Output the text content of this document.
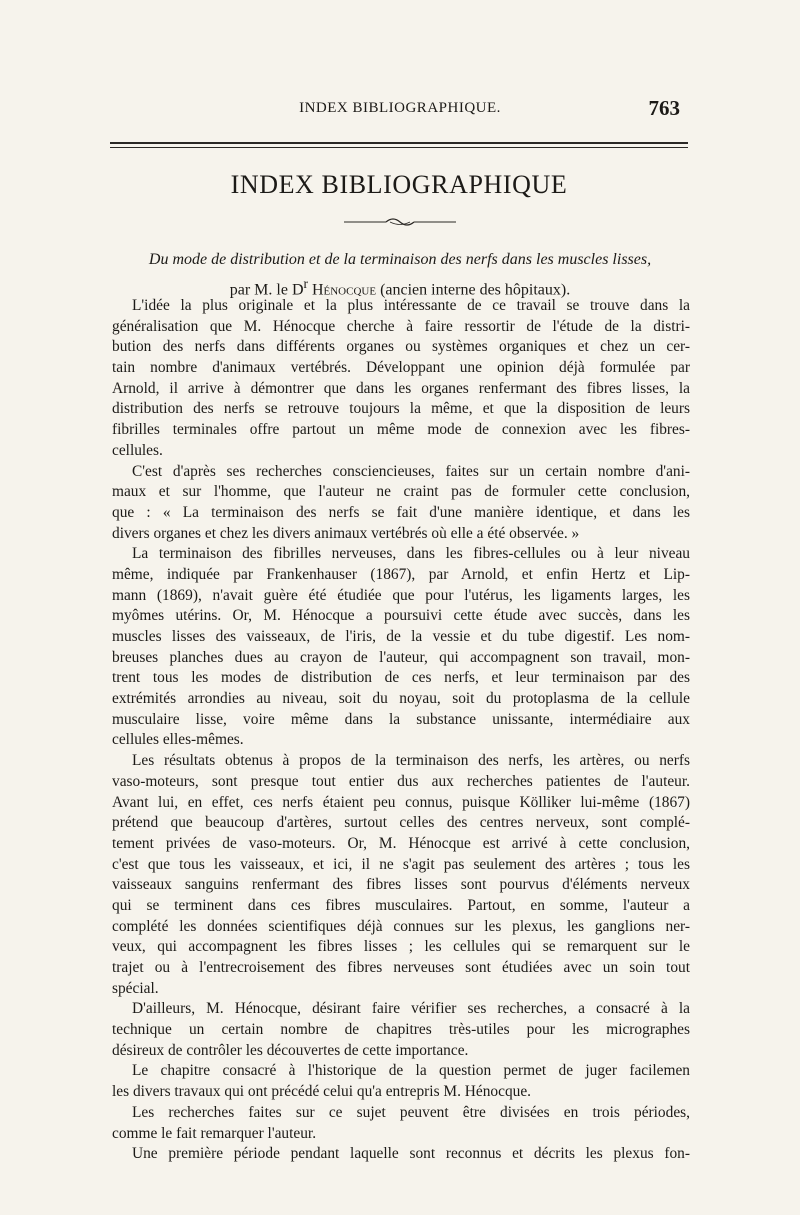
INDEX BIBLIOGRAPHIQUE.	763
INDEX BIBLIOGRAPHIQUE
Du mode de distribution et de la terminaison des nerfs dans les muscles lisses,
par M. le $D^r$ Hénocque (ancien interne des hôpitaux).
L'idée la plus originale et la plus intéressante de ce travail se trouve dans la
généralisation que M. Hénocque cherche à faire ressortir de l'étude de la distri-
bution des nerfs dans différents organes ou systèmes organiques et chez un cer-
tain nombre d'animaux vertébrés. Développant une opinion déjà formulée par
Arnold, il arrive à démontrer que dans les organes renfermant des fibres lisses, la
distribution des nerfs se retrouve toujours la même, et que la disposition de leurs
fibrilles terminales offre partout un même mode de connexion avec les fibres-
cellules.
C'est d'après ses recherches consciencieuses, faites sur un certain nombre d'ani-
maux et sur l'homme, que l'auteur ne craint pas de formuler cette conclusion,
que : « La terminaison des nerfs se fait d'une manière identique, et dans les
divers organes et chez les divers animaux vertébrés où elle a été observée. »
La terminaison des fibrilles nerveuses, dans les fibres-cellules ou à leur niveau
même, indiquée par Frankenhauser (1867), par Arnold, et enfin Hertz et Lip-
mann (1869), n'avait guère été étudiée que pour l'utérus, les ligaments larges, les
myômes utérins. Or, M. Hénocque a poursuivi cette étude avec succès, dans les
muscles lisses des vaisseaux, de l'iris, de la vessie et du tube digestif. Les nom-
breuses planches dues au crayon de l'auteur, qui accompagnent son travail, mon-
trent tous les modes de distribution de ces nerfs, et leur terminaison par des
extrémités arrondies au niveau, soit du noyau, soit du protoplasma de la cellule
musculaire lisse, voire même dans la substance unissante, intermédiaire aux
cellules elles-mêmes.
Les résultats obtenus à propos de la terminaison des nerfs, les artères, ou nerfs
vaso-moteurs, sont presque tout entier dus aux recherches patientes de l'auteur.
Avant lui, en effet, ces nerfs étaient peu connus, puisque Kölliker lui-même (1867)
prétend que beaucoup d'artères, surtout celles des centres nerveux, sont complé-
tement privées de vaso-moteurs. Or, M. Hénocque est arrivé à cette conclusion,
c'est que tous les vaisseaux, et ici, il ne s'agit pas seulement des artères ; tous les
vaisseaux sanguins renfermant des fibres lisses sont pourvus d'éléments nerveux
qui se terminent dans ces fibres musculaires. Partout, en somme, l'auteur a
complété les données scientifiques déjà connues sur les plexus, les ganglions ner-
veux, qui accompagnent les fibres lisses ; les cellules qui se remarquent sur le
trajet ou à l'entrecroisement des fibres nerveuses sont étudiées avec un soin tout
spécial.
D'ailleurs, M. Hénocque, désirant faire vérifier ses recherches, a consacré à la
technique un certain nombre de chapitres très-utiles pour les micrographes
désireux de contrôler les découvertes de cette importance.
Le chapitre consacré à l'historique de la question permet de juger facilemen
les divers travaux qui ont précédé celui qu'a entrepris M. Hénocque.
Les recherches faites sur ce sujet peuvent être divisées en trois périodes,
comme le fait remarquer l'auteur.
Une première période pendant laquelle sont reconnus et décrits les plexus fon-
